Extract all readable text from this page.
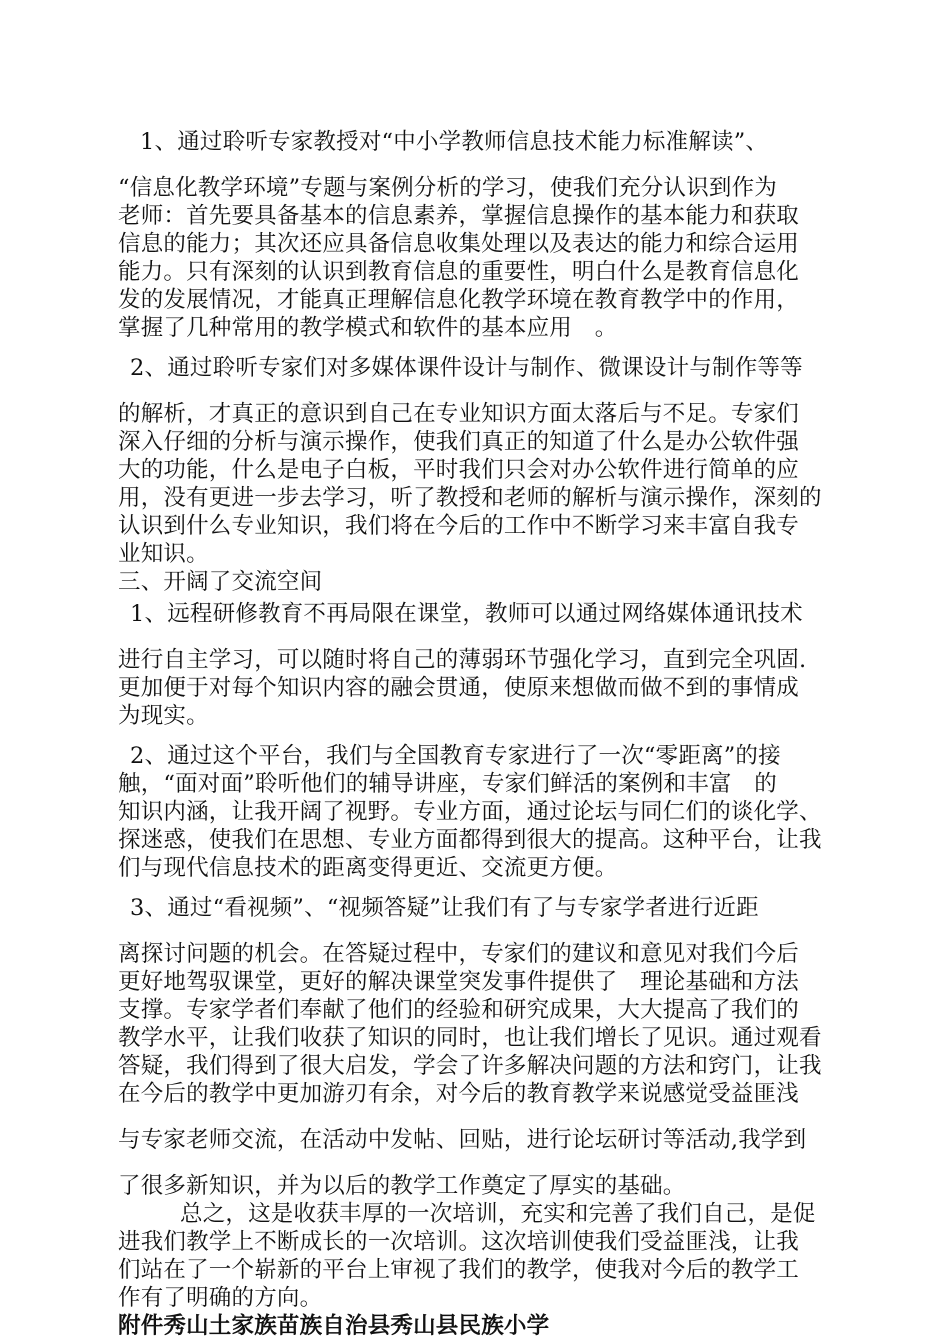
1、通过聆听专家教授对“中小学教师信息技术能力标准解读”、
“信息化教学环境”专题与案例分析的学习，使我们充分认识到作为
老师：首先要具备基本的信息素养，掌握信息操作的基本能力和获取
信息的能力；其次还应具备信息收集处理以及表达的能力和综合运用
能力。只有深刻的认识到教育信息的重要性，明白什么是教育信息化
发的发展情况，才能真正理解信息化教学环境在教育教学中的作用，
掌握了几种常用的教学模式和软件的基本应用　。
2、通过聆听专家们对多媒体课件设计与制作、微课设计与制作等等
的解析，才真正的意识到自己在专业知识方面太落后与不足。专家们
深入仔细的分析与演示操作，使我们真正的知道了什么是办公软件强
大的功能，什么是电子白板，平时我们只会对办公软件进行简单的应
用，没有更进一步去学习，听了教授和老师的解析与演示操作，深刻的
认识到什么专业知识，我们将在今后的工作中不断学习来丰富自我专
业知识。
三、开阔了交流空间
1、远程研修教育不再局限在课堂，教师可以通过网络媒体通讯技术
进行自主学习，可以随时将自己的薄弱环节强化学习，直到完全巩固.
更加便于对每个知识内容的融会贯通，使原来想做而做不到的事情成
为现实。
2、通过这个平台，我们与全国教育专家进行了一次“零距离”的接
触，“面对面”聆听他们的辅导讲座，专家们鲜活的案例和丰富　的
知识内涵，让我开阔了视野。专业方面，通过论坛与同仁们的谈化学、
探迷惑，使我们在思想、专业方面都得到很大的提高。这种平台，让我
们与现代信息技术的距离变得更近、交流更方便。
3、通过“看视频”、“视频答疑”让我们有了与专家学者进行近距
离探讨问题的机会。在答疑过程中，专家们的建议和意见对我们今后
更好地驾驭课堂，更好的解决课堂突发事件提供了　理论基础和方法
支撑。专家学者们奉献了他们的经验和研究成果，大大提高了我们的
教学水平，让我们收获了知识的同时，也让我们增长了见识。通过观看
答疑，我们得到了很大启发，学会了许多解决问题的方法和窍门，让我
在今后的教学中更加游刃有余，对今后的教育教学来说感觉受益匪浅
与专家老师交流，在活动中发帖、回贴，进行论坛研讨等活动,我学到
了很多新知识，并为以后的教学工作奠定了厚实的基础。
总之，这是收获丰厚的一次培训，充实和完善了我们自己，是促
进我们教学上不断成长的一次培训。这次培训使我们受益匪浅，让我
们站在了一个崭新的平台上审视了我们的教学，使我对今后的教学工
作有了明确的方向。
附件秀山土家族苗族自治县秀山县民族小学
